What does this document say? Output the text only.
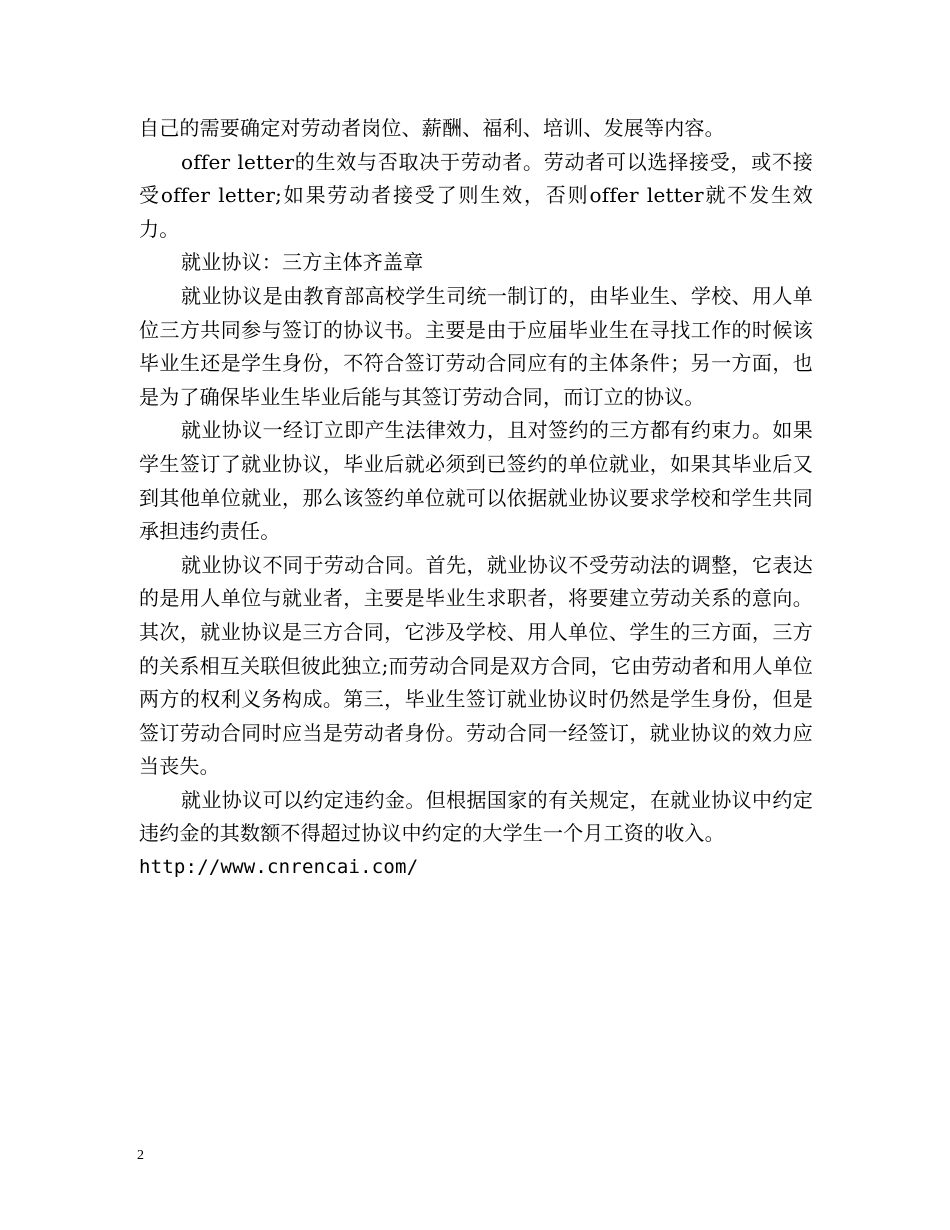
自己的需要确定对劳动者岗位、薪酬、福利、培训、发展等内容。

offer letter的生效与否取决于劳动者。劳动者可以选择接受，或不接受offer letter;如果劳动者接受了则生效，否则offer letter就不发生效力。

就业协议：三方主体齐盖章

就业协议是由教育部高校学生司统一制订的，由毕业生、学校、用人单位三方共同参与签订的协议书。主要是由于应届毕业生在寻找工作的时候该毕业生还是学生身份，不符合签订劳动合同应有的主体条件；另一方面，也是为了确保毕业生毕业后能与其签订劳动合同，而订立的协议。

就业协议一经订立即产生法律效力，且对签约的三方都有约束力。如果学生签订了就业协议，毕业后就必须到已签约的单位就业，如果其毕业后又到其他单位就业，那么该签约单位就可以依据就业协议要求学校和学生共同承担违约责任。

就业协议不同于劳动合同。首先，就业协议不受劳动法的调整，它表达的是用人单位与就业者，主要是毕业生求职者，将要建立劳动关系的意向。其次，就业协议是三方合同，它涉及学校、用人单位、学生的三方面，三方的关系相互关联但彼此独立;而劳动合同是双方合同，它由劳动者和用人单位两方的权利义务构成。第三，毕业生签订就业协议时仍然是学生身份，但是签订劳动合同时应当是劳动者身份。劳动合同一经签订，就业协议的效力应当丧失。

就业协议可以约定违约金。但根据国家的有关规定，在就业协议中约定违约金的其数额不得超过协议中约定的大学生一个月工资的收入。

http://www.cnrencai.com/

2
